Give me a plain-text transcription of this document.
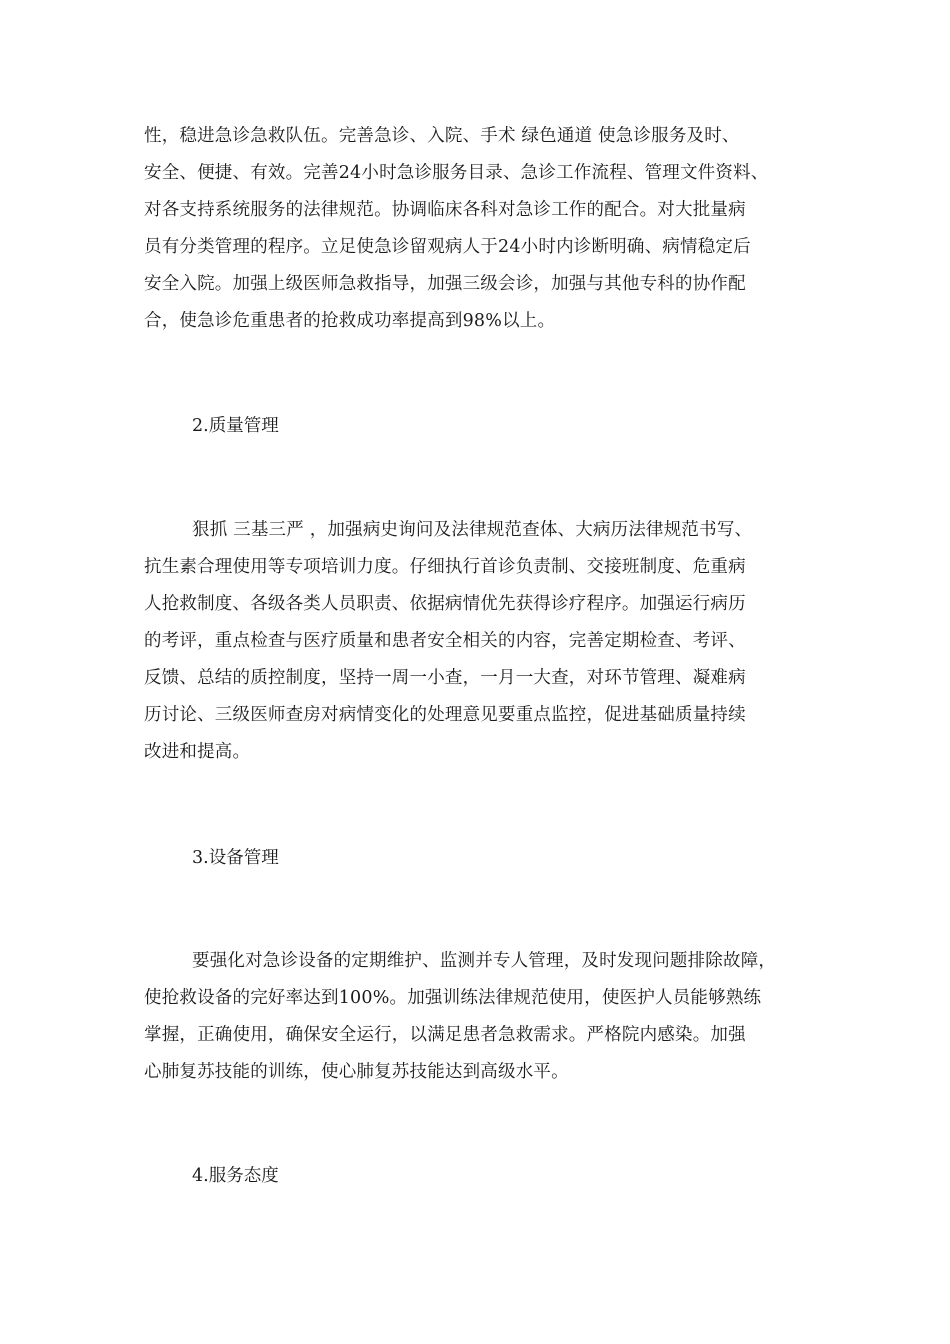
性，稳进急诊急救队伍。完善急诊、入院、手术 绿色通道 使急诊服务及时、
安全、便捷、有效。完善24小时急诊服务目录、急诊工作流程、管理文件资料、
对各支持系统服务的法律规范。协调临床各科对急诊工作的配合。对大批量病
员有分类管理的程序。立足使急诊留观病人于24小时内诊断明确、病情稳定后
安全入院。加强上级医师急救指导，加强三级会诊，加强与其他专科的协作配
合，使急诊危重患者的抢救成功率提高到98%以上。
2.质量管理
狠抓 三基三严 ，加强病史询问及法律规范查体、大病历法律规范书写、
抗生素合理使用等专项培训力度。仔细执行首诊负责制、交接班制度、危重病
人抢救制度、各级各类人员职责、依据病情优先获得诊疗程序。加强运行病历
的考评，重点检查与医疗质量和患者安全相关的内容，完善定期检查、考评、
反馈、总结的质控制度，坚持一周一小查，一月一大查，对环节管理、凝难病
历讨论、三级医师查房对病情变化的处理意见要重点监控，促进基础质量持续
改进和提高。
3.设备管理
要强化对急诊设备的定期维护、监测并专人管理，及时发现问题排除故障，
使抢救设备的完好率达到100%。加强训练法律规范使用，使医护人员能够熟练
掌握，正确使用，确保安全运行，以满足患者急救需求。严格院内感染。加强
心肺复苏技能的训练，使心肺复苏技能达到高级水平。
4.服务态度
